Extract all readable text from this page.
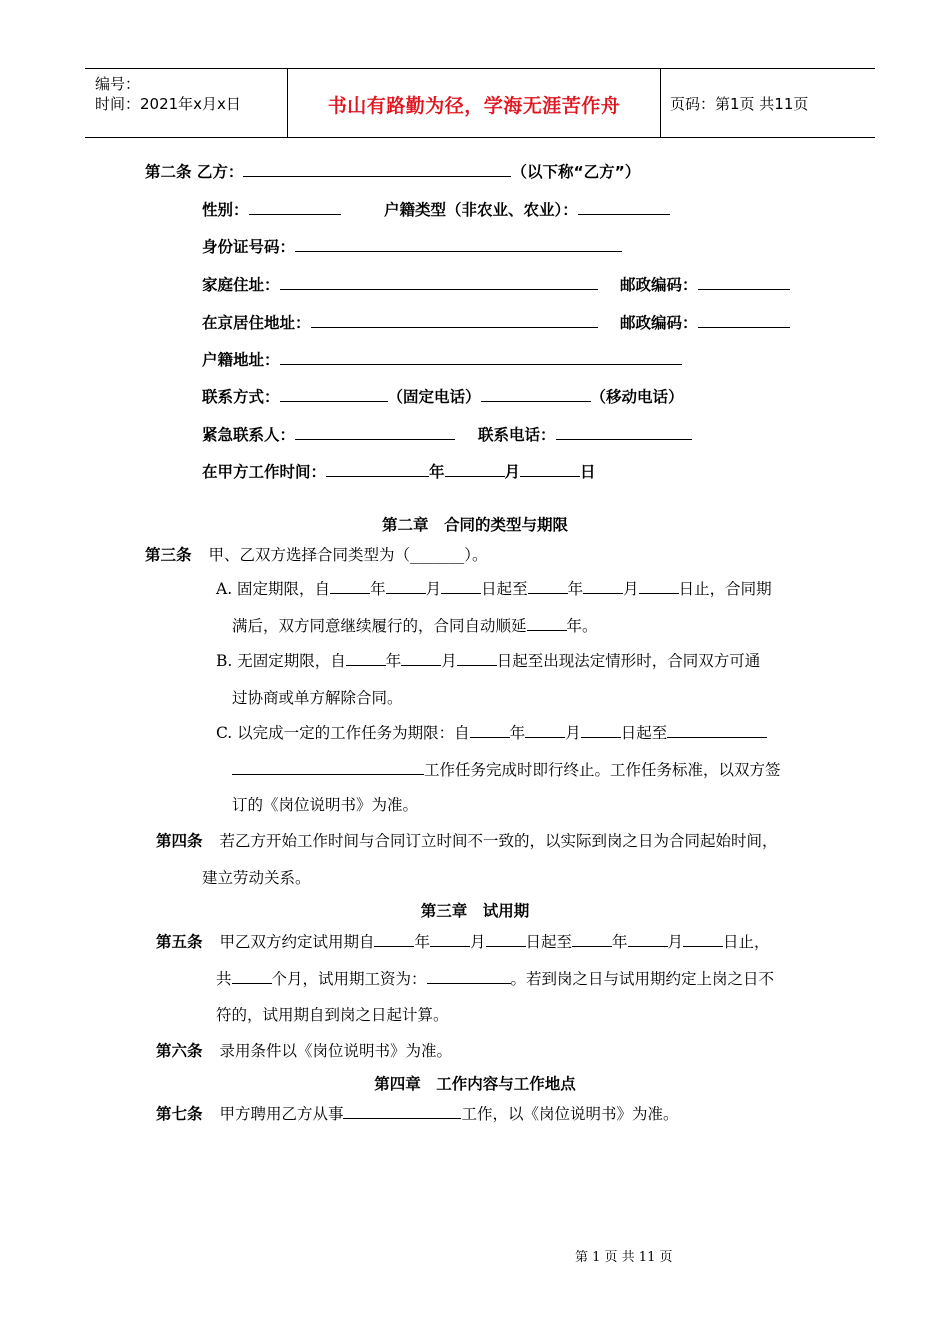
编号：
时间：2021年x月x日	书山有路勤为径，学海无涯苦作舟	页码：第1页 共11页
第二条 乙方：	（以下称“乙方”）
性别：	户籍类型（非农业、农业）：
身份证号码：
家庭住址：	邮政编码：
在京居住地址：	邮政编码：
户籍地址：
联系方式：	（固定电话）	（移动电话）
紧急联系人：	联系电话：
在甲方工作时间：	年	月	日
第二章　合同的类型与期限
第三条 甲、乙双方选择合同类型为（_______）。
A. 固定期限，自	年	月	日起至	年	月	日止，合同期
满后，双方同意继续履行的，合同自动顺延	年。
B. 无固定期限，自	年	月	日起至出现法定情形时，合同双方可通
过协商或单方解除合同。
C. 以完成一定的工作任务为期限：自	年	月	日起至
工作任务完成时即行终止。工作任务标准，以双方签
订的《岗位说明书》为准。
第四条 若乙方开始工作时间与合同订立时间不一致的，以实际到岗之日为合同起始时间，
建立劳动关系。
第三章　试用期
第五条 甲乙双方约定试用期自	年	月	日起至	年	月	日止，
共	个月，试用期工资为：	。若到岗之日与试用期约定上岗之日不
符的，试用期自到岗之日起计算。
第六条 录用条件以《岗位说明书》为准。
第四章　工作内容与工作地点
第七条 甲方聘用乙方从事	工作，以《岗位说明书》为准。
第 1 页 共 11 页
